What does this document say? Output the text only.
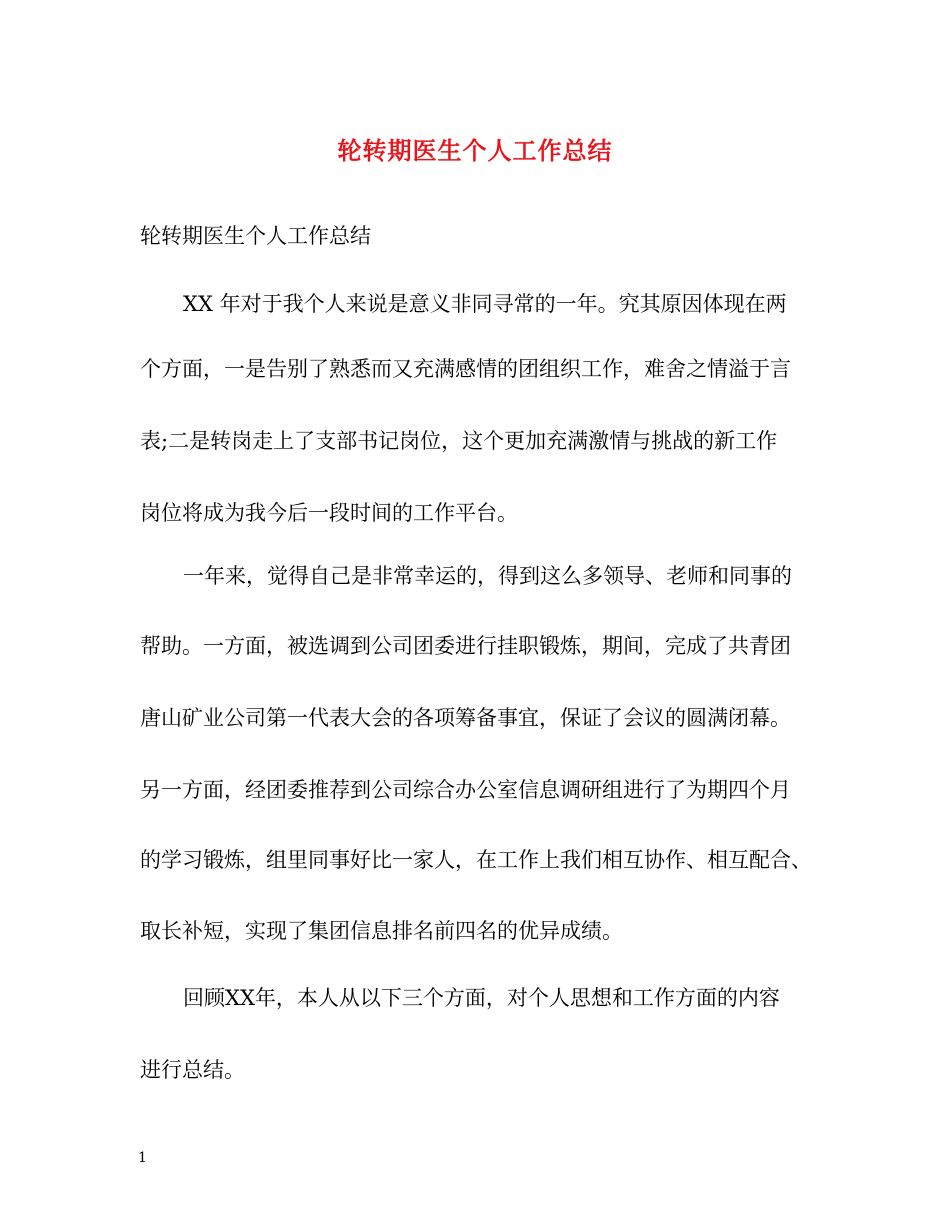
轮转期医生个人工作总结

轮转期医生个人工作总结

XX 年对于我个人来说是意义非同寻常的一年。究其原因体现在两

个方面，一是告别了熟悉而又充满感情的团组织工作，难舍之情溢于言

表;二是转岗走上了支部书记岗位，这个更加充满激情与挑战的新工作

岗位将成为我今后一段时间的工作平台。

一年来，觉得自己是非常幸运的，得到这么多领导、老师和同事的

帮助。一方面，被选调到公司团委进行挂职锻炼，期间，完成了共青团

唐山矿业公司第一代表大会的各项筹备事宜，保证了会议的圆满闭幕。

另一方面，经团委推荐到公司综合办公室信息调研组进行了为期四个月

的学习锻炼，组里同事好比一家人，在工作上我们相互协作、相互配合、

取长补短，实现了集团信息排名前四名的优异成绩。

回顾XX年，本人从以下三个方面，对个人思想和工作方面的内容

进行总结。

1
